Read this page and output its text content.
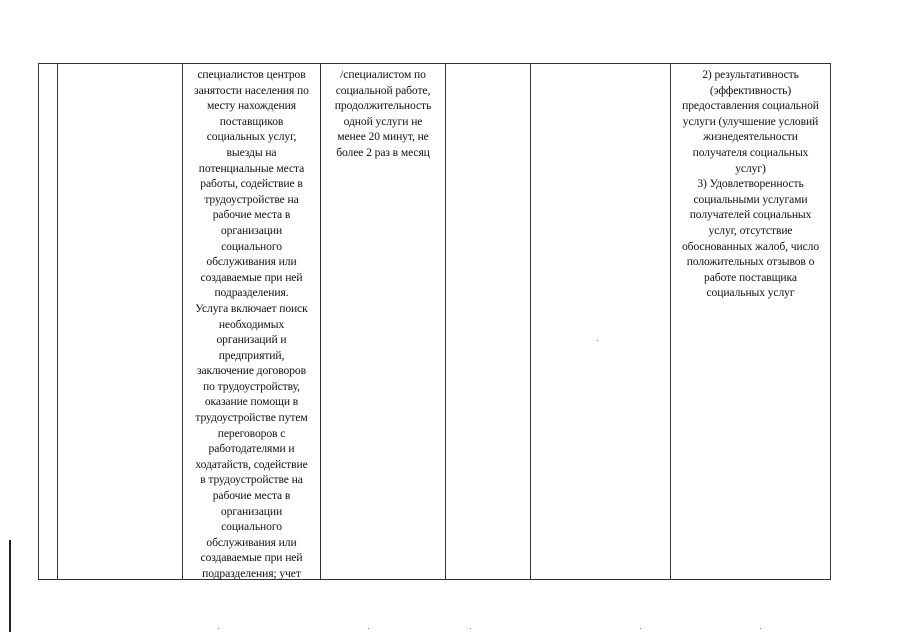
специалистов центров
занятости населения по
месту нахождения
поставщиков
социальных услуг,
выезды на
потенциальные места
работы, содействие в
трудоустройстве на
рабочие места в
организации
социального
обслуживания или
создаваемые при ней
подразделения.
Услуга включает поиск
необходимых
организаций и
предприятий,
заключение договоров
по трудоустройству,
оказание помощи в
трудоустройстве путем
переговоров с
работодателями и
ходатайств, содействие
в трудоустройстве на
рабочие места в
организации
социального
обслуживания или
создаваемые при ней
подразделения; учет
/специалистом по
социальной работе,
продолжительность
одной услуги не
менее 20 минут, не
более 2 раз в месяц
2) результативность
(эффективность)
предоставления социальной
услуги (улучшение условий
жизнедеятельности
получателя социальных
услуг)
3) Удовлетворенность
социальными услугами
получателей социальных
услуг, отсутствие
обоснованных жалоб, число
положительных отзывов о
работе поставщика
социальных услуг
